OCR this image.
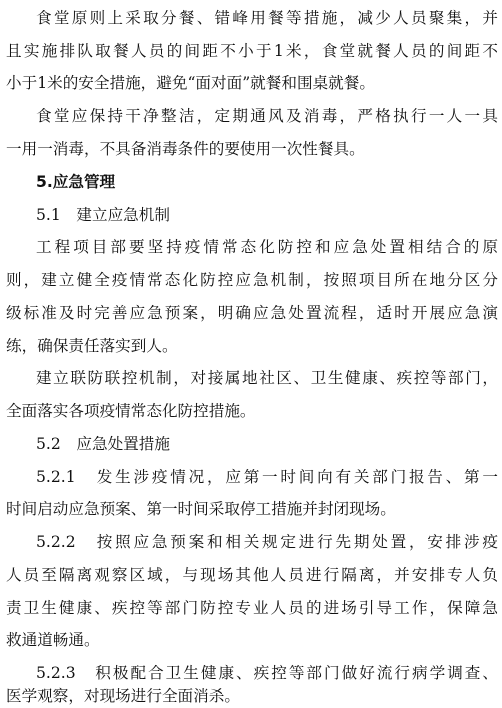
食堂原则上采取分餐、错峰用餐等措施，减少人员聚集，并
且实施排队取餐人员的间距不小于1米，食堂就餐人员的间距不
小于1米的安全措施，避免“面对面”就餐和围桌就餐。
食堂应保持干净整洁，定期通风及消毒，严格执行一人一具
一用一消毒，不具备消毒条件的要使用一次性餐具。
5.应急管理
5.1　建立应急机制
工程项目部要坚持疫情常态化防控和应急处置相结合的原
则，建立健全疫情常态化防控应急机制，按照项目所在地分区分
级标准及时完善应急预案，明确应急处置流程，适时开展应急演
练，确保责任落实到人。
建立联防联控机制，对接属地社区、卫生健康、疾控等部门，
全面落实各项疫情常态化防控措施。
5.2　应急处置措施
5.2.1　发生涉疫情况，应第一时间向有关部门报告、第一
时间启动应急预案、第一时间采取停工措施并封闭现场。
5.2.2　按照应急预案和相关规定进行先期处置，安排涉疫
人员至隔离观察区域，与现场其他人员进行隔离，并安排专人负
责卫生健康、疾控等部门防控专业人员的进场引导工作，保障急
救通道畅通。
5.2.3　积极配合卫生健康、疾控等部门做好流行病学调查、
医学观察，对现场进行全面消杀。
